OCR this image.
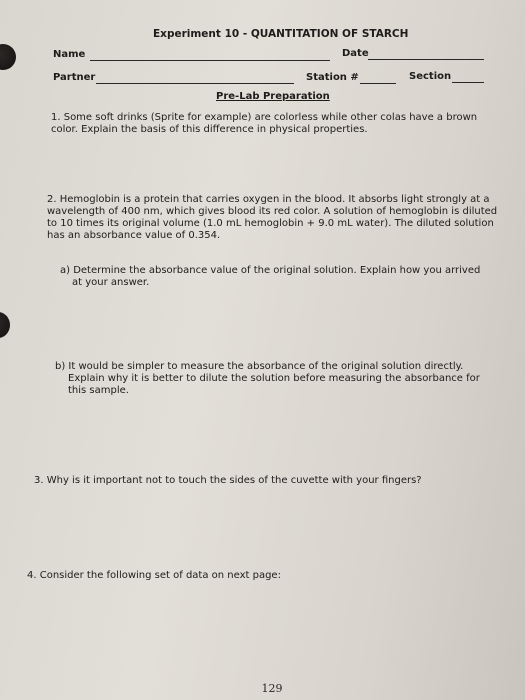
Experiment 10 - QUANTITATION OF STARCH
Name	Date
Partner	Station #	Section
Pre-Lab Preparation
1. Some soft drinks (Sprite for example) are colorless while other colas have a brown
color. Explain the basis of this difference in physical properties.
2. Hemoglobin is a protein that carries oxygen in the blood. It absorbs light strongly at a
wavelength of 400 nm, which gives blood its red color. A solution of hemoglobin is diluted
to 10 times its original volume (1.0 mL hemoglobin + 9.0 mL water). The diluted solution
has an absorbance value of 0.354.
a) Determine the absorbance value of the original solution. Explain how you arrived
at your answer.
b) It would be simpler to measure the absorbance of the original solution directly.
Explain why it is better to dilute the solution before measuring the absorbance for
this sample.
3. Why is it important not to touch the sides of the cuvette with your fingers?
4. Consider the following set of data on next page:
129
